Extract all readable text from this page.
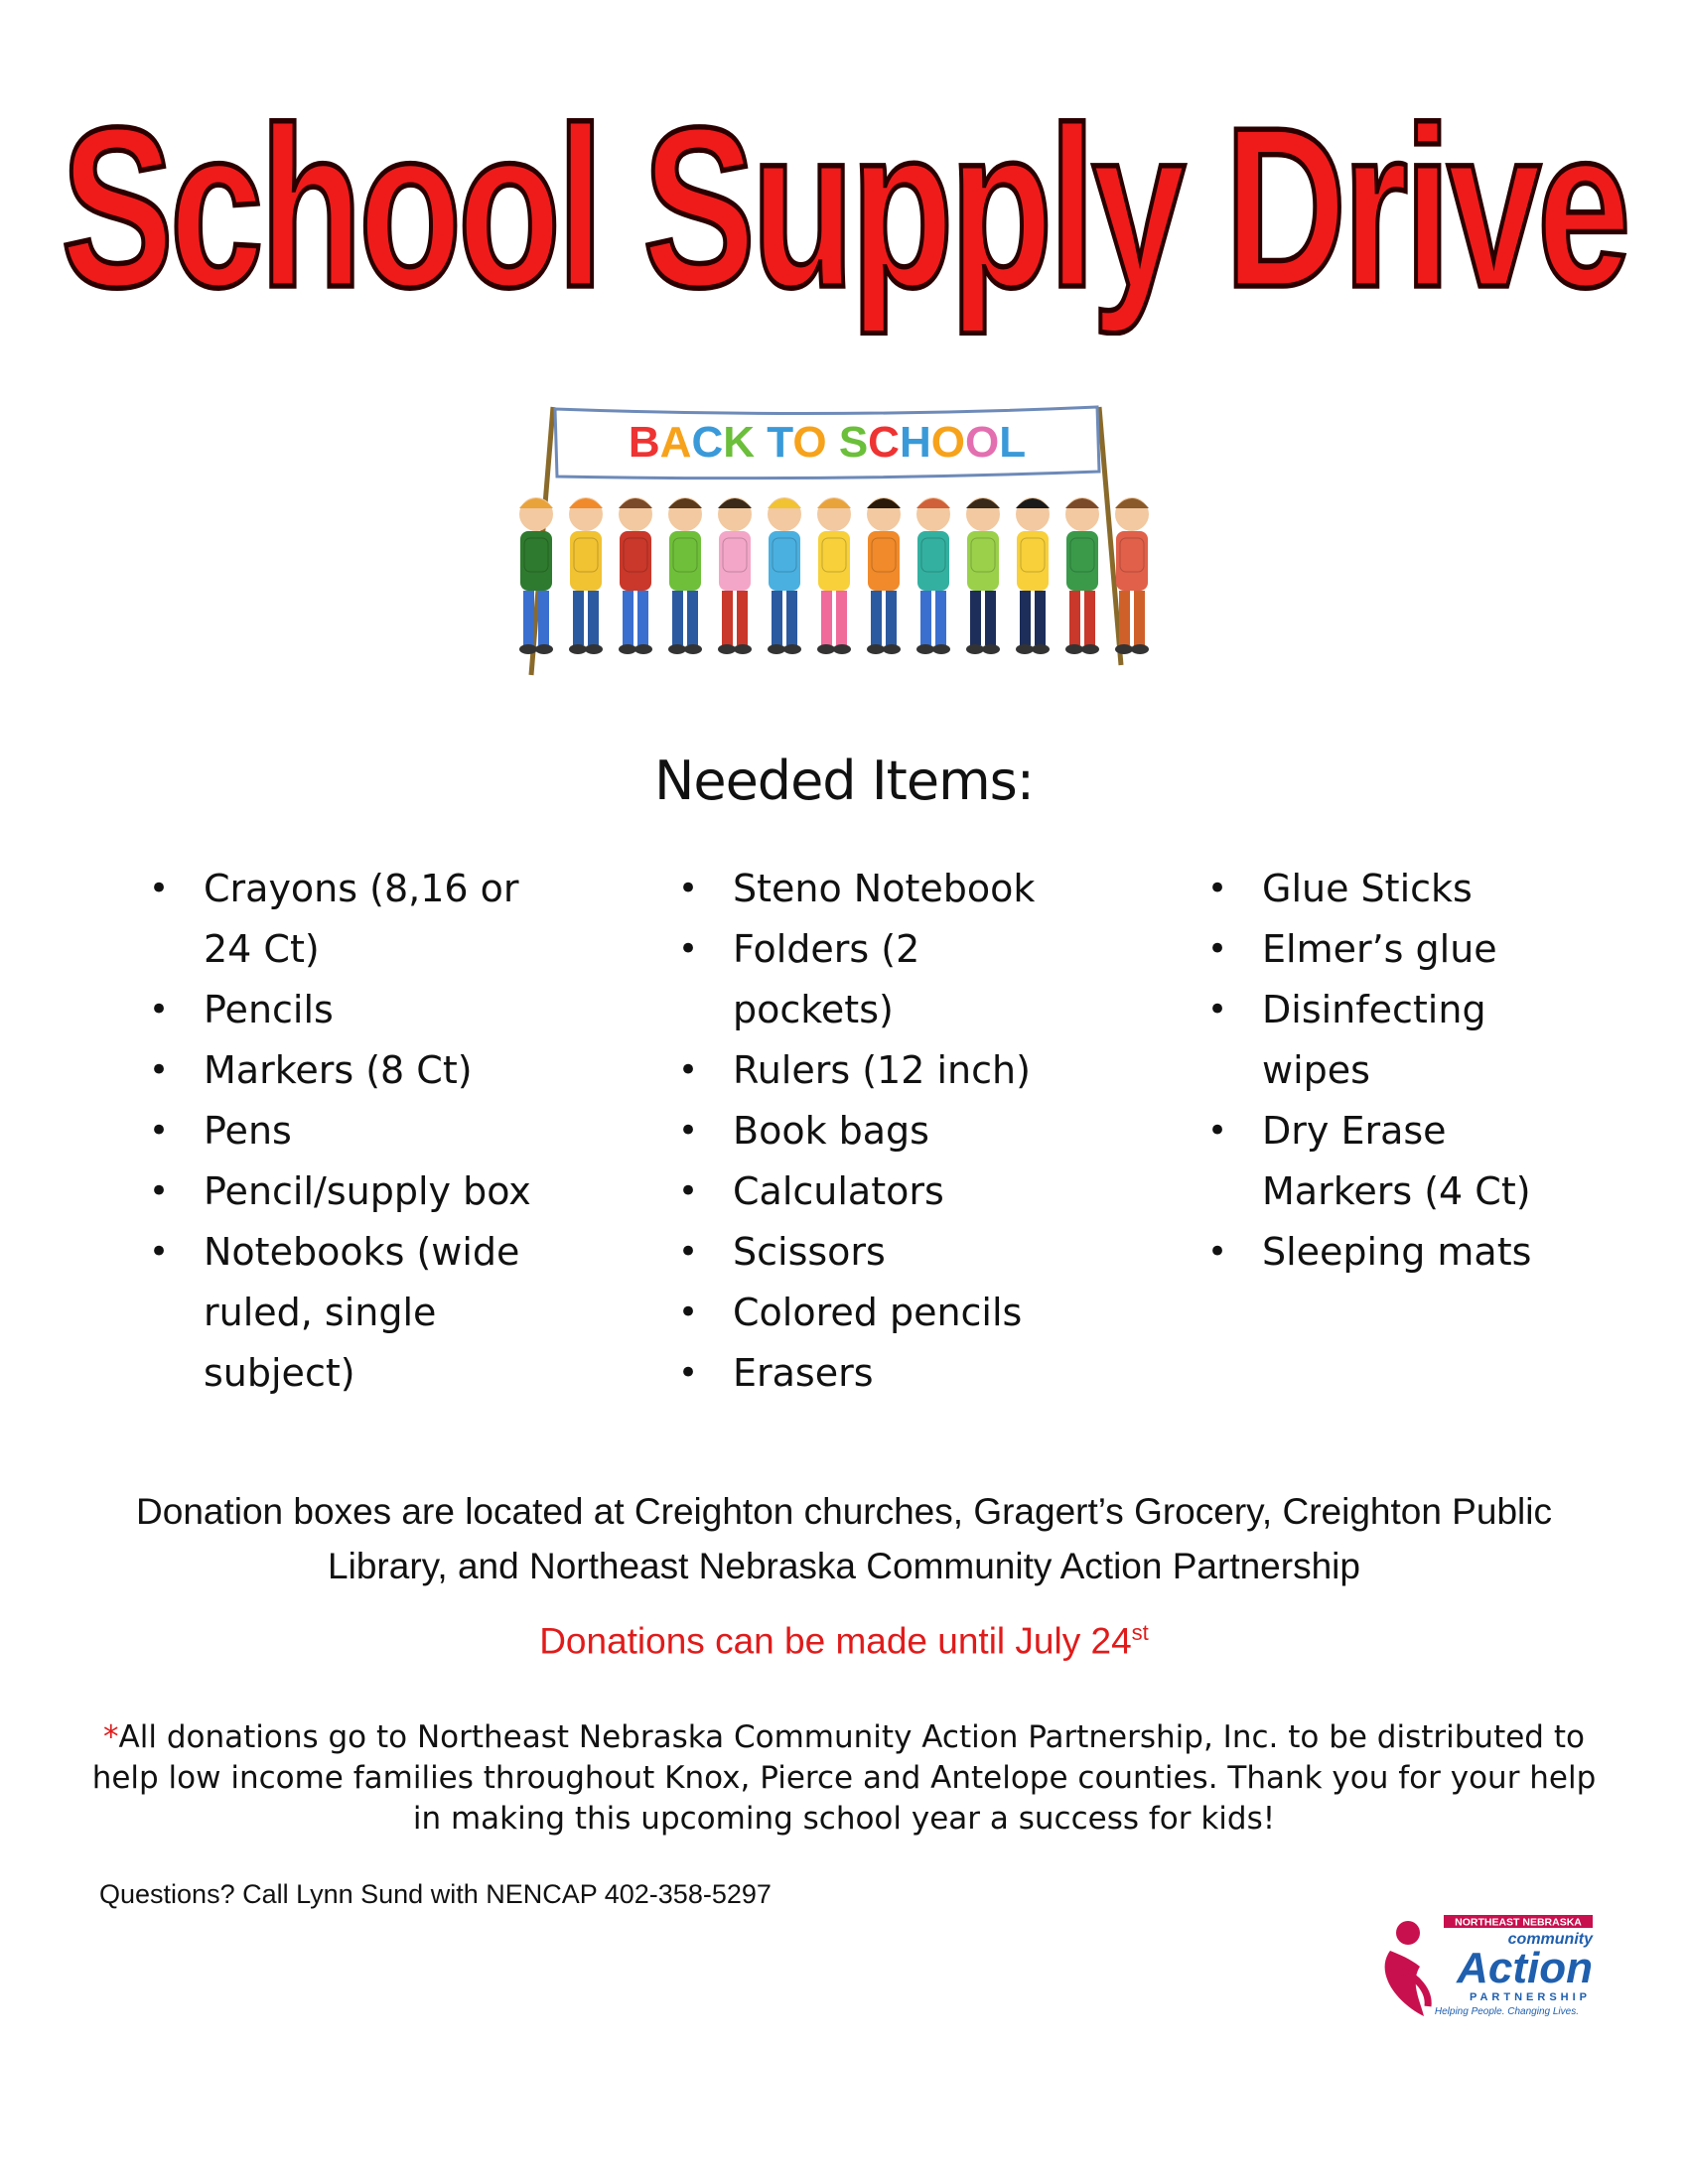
School Supply Drive
BACK TO SCHOOL
Needed Items:
• Crayons (8,16 or 24 Ct)
• Pencils
• Markers (8 Ct)
• Pens
• Pencil/supply box
• Notebooks (wide ruled, single subject)
• Steno Notebook
• Folders (2 pockets)
• Rulers (12 inch)
• Book bags
• Calculators
• Scissors
• Colored pencils
• Erasers
• Glue Sticks
• Elmer’s glue
• Disinfecting wipes
• Dry Erase Markers (4 Ct)
• Sleeping mats
Donation boxes are located at Creighton churches, Gragert’s Grocery, Creighton Public Library, and Northeast Nebraska Community Action Partnership
Donations can be made until July 24st
*All donations go to Northeast Nebraska Community Action Partnership, Inc. to be distributed to help low income families throughout Knox, Pierce and Antelope counties. Thank you for your help in making this upcoming school year a success for kids!
Questions? Call Lynn Sund with NENCAP 402-358-5297
NORTHEAST NEBRASKA
community
Action
PARTNERSHIP
Helping People. Changing Lives.
